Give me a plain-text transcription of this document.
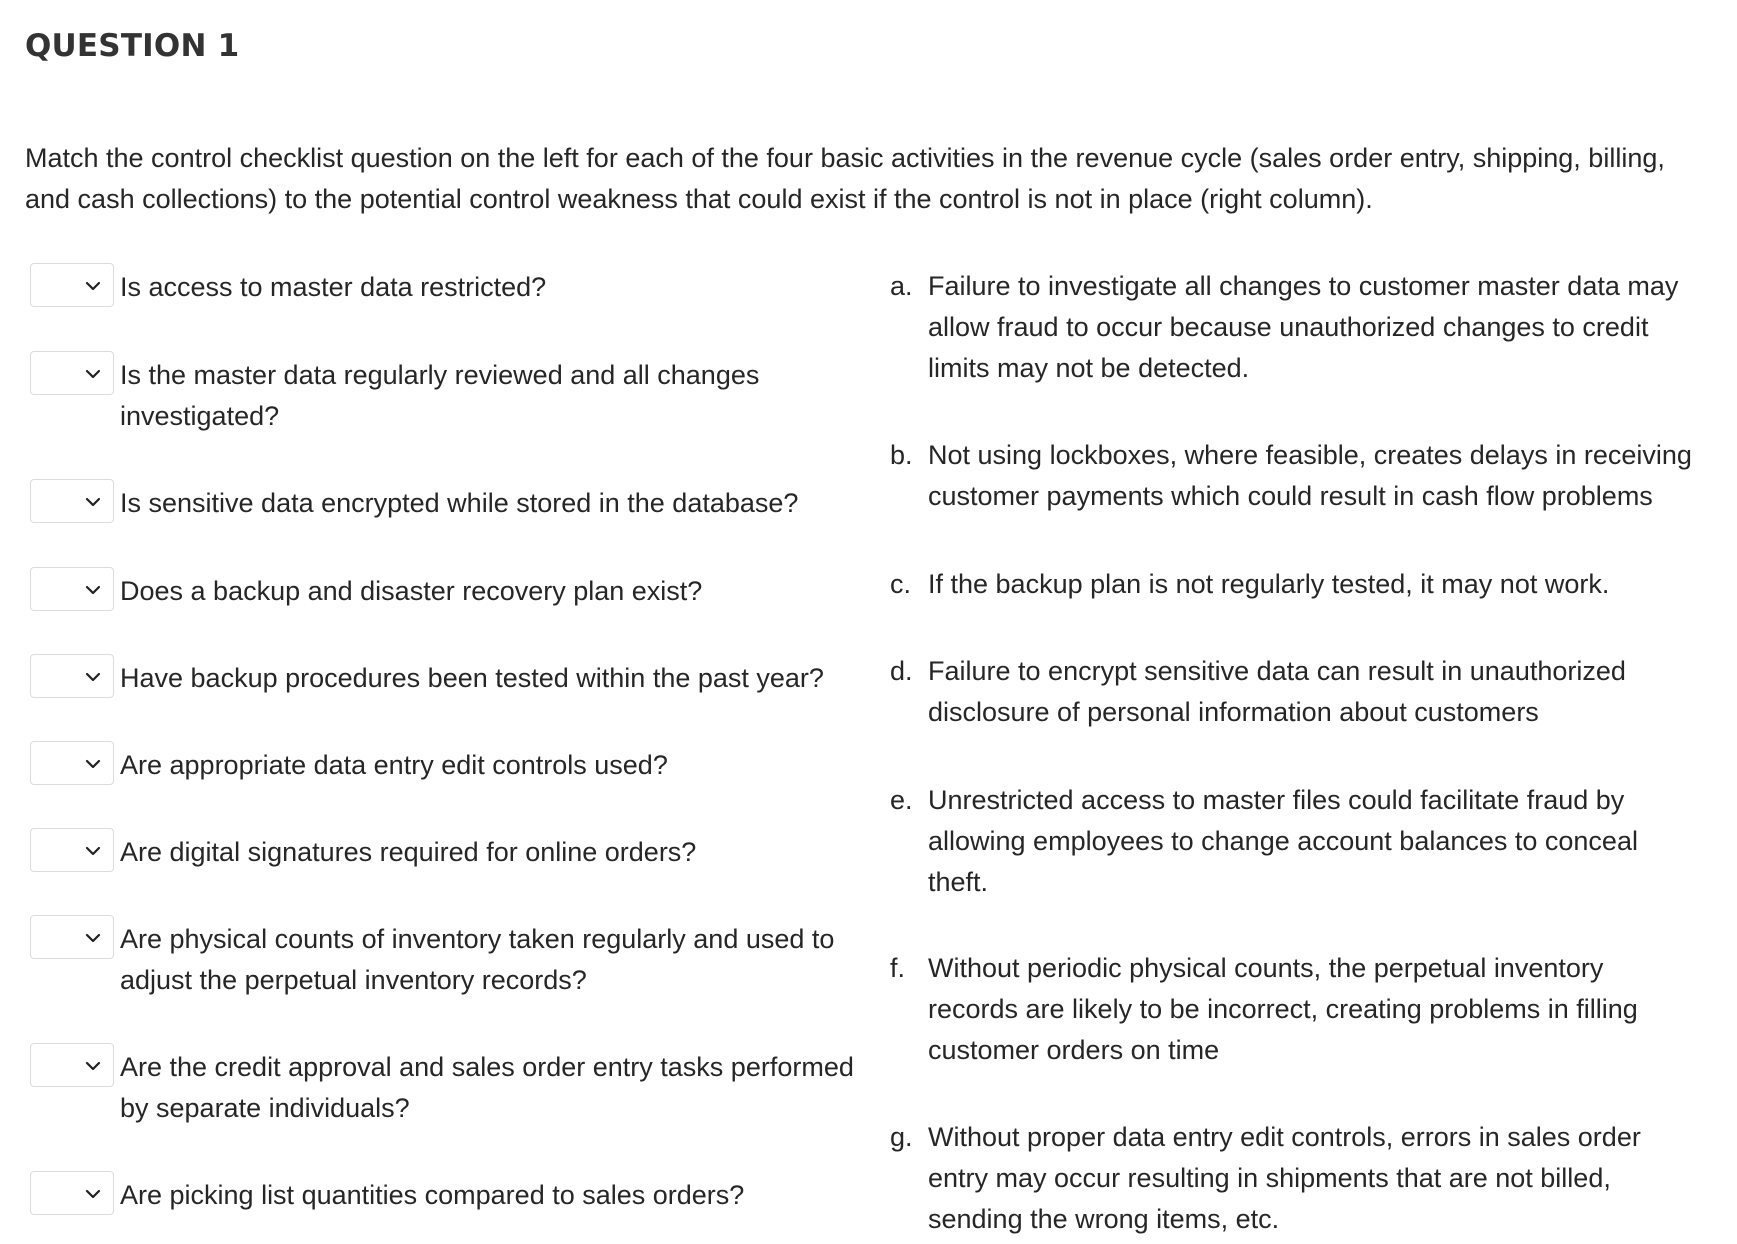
QUESTION 1

Match the control checklist question on the left for each of the four basic activities in the revenue cycle (sales order entry, shipping, billing, and cash collections) to the potential control weakness that could exist if the control is not in place (right column).

Is access to master data restricted?
Is the master data regularly reviewed and all changes investigated?
Is sensitive data encrypted while stored in the database?
Does a backup and disaster recovery plan exist?
Have backup procedures been tested within the past year?
Are appropriate data entry edit controls used?
Are digital signatures required for online orders?
Are physical counts of inventory taken regularly and used to adjust the perpetual inventory records?
Are the credit approval and sales order entry tasks performed by separate individuals?
Are picking list quantities compared to sales orders?
a. Failure to investigate all changes to customer master data may allow fraud to occur because unauthorized changes to credit limits may not be detected.
b. Not using lockboxes, where feasible, creates delays in receiving customer payments which could result in cash flow problems
c. If the backup plan is not regularly tested, it may not work.
d. Failure to encrypt sensitive data can result in unauthorized disclosure of personal information about customers
e. Unrestricted access to master files could facilitate fraud by allowing employees to change account balances to conceal theft.
f. Without periodic physical counts, the perpetual inventory records are likely to be incorrect, creating problems in filling customer orders on time
g. Without proper data entry edit controls, errors in sales order entry may occur resulting in shipments that are not billed, sending the wrong items, etc.
